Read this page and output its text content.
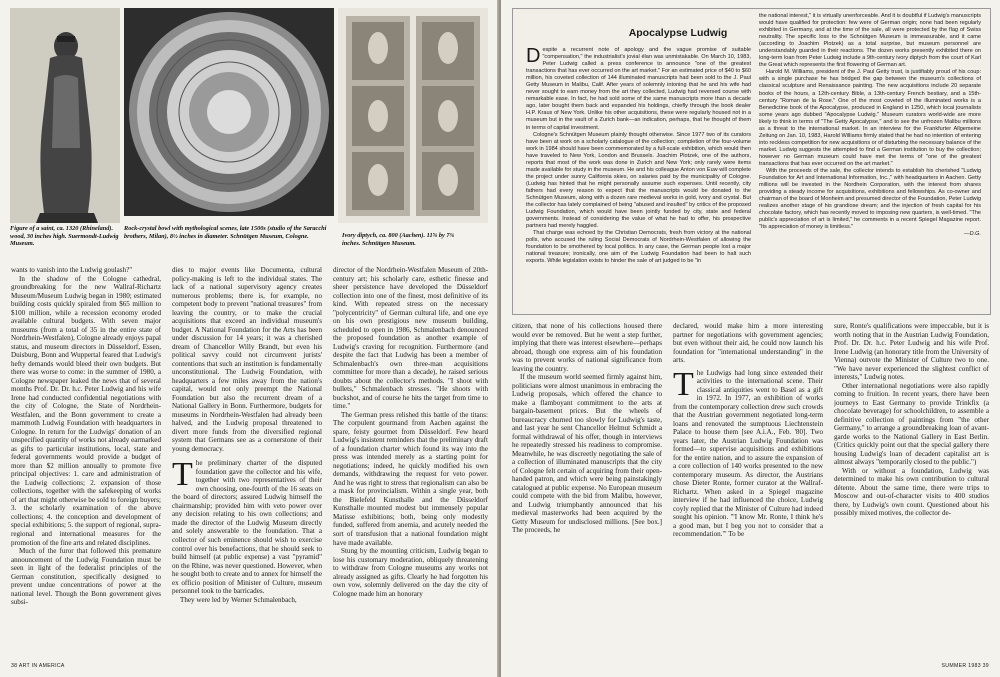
Figure of a saint, ca. 1320 (Rhineland). wood, 30 inches high. Suermondt-Ludwig Museum.
Rock-crystal bowl with mythological scenes, late 1500s (studio of the Saracchi brothers, Milan), 8½ inches in diameter. Schnütgen Museum, Cologne.	Ivory diptych, ca. 800 (Aachen). 11⅝ by 7⅜ inches. Schnütgen Museum.

wants to vanish into the Ludwig goulash?"

In the shadow of the Cologne cathedral, groundbreaking for the new Wallraf-Richartz Museum/Museum Ludwig began in 1980; estimated building costs quickly spiraled from $65 million to $100 million, while a recession economy eroded available cultural budgets. With seven major museums (from a total of 35 in the entire state of Nordrhein-Westfalen), Cologne already enjoys papal status, and museum directors in Düsseldorf, Essen, Duisburg, Bonn and Wuppertal feared that Ludwig's hefty demands would bleed their own budgets. But there was worse to come: in the summer of 1980, a Cologne newspaper leaked the news that of several months Prof. Dr. Dr. h.c. Peter Ludwig and his wife Irene had conducted confidential negotiations with the city of Cologne, the State of Nordrhein-Westfalen, and the Bonn government to create a mammoth Ludwig Foundation with headquarters in Cologne. In return for the Ludwigs' donation of an unspecified quantity of works not already earmarked as gifts to particular institutions, local, state and federal governments would provide a budget of more than $2 million annually to promote five principal objectives: 1. care and administration of the Ludwig collections; 2. expansion of those collections, together with the safekeeping of works of art that might otherwise be sold to foreign buyers; 3. the scholarly examination of the above collections; 4. the conception and development of special exhibitions; 5. the support of regional, supra-regional and international measures for the promotion of the fine arts and related disciplines.

Much of the furor that followed this premature announcement of the Ludwig Foundation must be seen in light of the federalist principles of the German constitution, specifically designed to prevent undue concentrations of power at the national level. Though the Bonn government gives subsi-

dies to major events like Documenta, cultural policy-making is left to the individual states. The lack of a national supervisory agency creates numerous problems; there is, for example, no competent body to prevent "national treasures" from leaving the country, or to make the crucial acquisitions that exceed an individual museum's budget. A National Foundation for the Arts has been under discussion for 14 years; it was a cherished dream of Chancellor Willy Brandt, but even his political savvy could not circumvent jurists' contentions that such an institution is fundamentally unconstitutional. The Ludwig Foundation, with headquarters a few miles away from the nation's capital, would not only preempt the National Foundation but also the recurrent dream of a National Gallery in Bonn. Furthermore, budgets for museums in Nordrhein-Westfalen had already been halved, and the Ludwig proposal threatened to divert more funds from the diversified regional system that Germans see as a cornerstone of their young democracy.

The preliminary charter of the disputed foundation gave the collector and his wife, together with two representatives of their own choosing, one-fourth of the 16 seats on the board of directors; assured Ludwig himself the chairmanship; provided him with veto power over any decision relating to his own collections; and made the director of the Ludwig Museum directly and solely answerable to the foundation. That a collector of such eminence should wish to exercise control over his benefactions, that he should seek to build himself (at public expense) a vast "pyramid" on the Rhine, was never questioned. However, when he sought both to create and to annex for himself the ex officio position of Minister of Culture, museum personnel took to the barricades.

They were led by Werner Schmalenbach,

director of the Nordrhein-Westfalen Museum of 20th-century art; his scholarly care, esthetic finesse and sheer persistence have developed the Düsseldorf collection into one of the finest, most definitive of its kind. With repeated stress on the necessary "polycentricity" of German cultural life, and one eye on his own prestigious new museum building, scheduled to open in 1986, Schmalenbach denounced the proposed foundation as another example of Ludwig's craving for recognition. Furthermore (and despite the fact that Ludwig has been a member of Schmalenbach's own three-man acquisitions committee for more than a decade), he raised serious doubts about the collector's methods. "I shoot with bullets," Schmalenbach stresses. "He shoots with buckshot, and of course he hits the target from time to time."

The German press relished this battle of the titans: The corpulent gourmand from Aachen against the spare, feisty gourmet from Düsseldorf. Few heard Ludwig's insistent reminders that the preliminary draft of a foundation charter which found its way into the press was intended merely as a starting point for negotiations; indeed, he quickly modified his own demands, withdrawing the request for veto power. And he was right to stress that regionalism can also be a mask for provincialism. Within a single year, both the Bielefeld Kunsthalle and the Düsseldorf Kunsthalle mounted modest but immensely popular Matisse exhibitions; both, being only modestly funded, suffered from anemia, and acutely needed the sort of transfusion that a national foundation might have made available.

Stung by the mounting criticism, Ludwig began to lose his customary moderation, obliquely threatening to withdraw from Cologne museums any works not already assigned as gifts. Clearly he had forgotten his own vow, solemnly delivered on the day the city of Cologne made him an honorary

38 ART IN AMERICA
Apocalypse Ludwig

Despite a recurrent note of apology and the vague promise of suitable "compensation," the industrialist's jovial élan was unmistakable. On March 10, 1983, Peter Ludwig called a press conference to announce "one of the greatest transactions that has ever occurred on the art market." For an estimated price of $40 to $60 million, his coveted collection of 144 illuminated manuscripts had been sold to the J. Paul Getty Museum in Malibu, Calif. After years of solemnly intoning that he and his wife had never sought to earn money from the art they collected, Ludwig had reversed course with remarkable ease. In fact, he had sold some of the same manuscripts more than a decade ago, later bought them back and expanded his holdings, chiefly through the book dealer H.P. Kraus of New York. Unlike his other acquisitions, these were regularly housed not in a museum but in the vault of a Zurich bank—an indication, perhaps, that he thought of them in terms of capital investment.

Cologne's Schnütgen Museum plainly thought otherwise. Since 1977 two of its curators have been at work on a scholarly catalogue of the collection; completion of the four-volume work in 1984 should have been commemorated by a full-scale exhibition, which would then have traveled to New York, London and Brussels. Joachim Plotzek, one of the authors, reports that most of the work was done in Zurich and New York; only rarely were items made available for study in the museum. He and his colleague Anton von Euw will complete the project under sunny California skies, on salaries paid by the municipality of Cologne. (Ludwig has hinted that he might personally assume such expenses. Until recently, city fathers had every reason to expect that the manuscripts would be donated to the Schnütgen Museum, along with a dozen rare medieval works in gold, ivory and crystal. But the collector has lately complained of being "abused and insulted" by critics of the proposed Ludwig Foundation, which would have been jointly funded by city, state and federal governments. Instead of considering the value of what he had to offer, his prospective partners had merely haggled.

That charge was echoed by the Christian Democrats, fresh from victory at the national polls, who accused the ruling Social Democrats of Nordrhein-Westfalen of allowing the foundation to be smothered by local politics. In any case, the German people lost a major national treasure; ironically, one aim of the Ludwig Foundation had been to halt such exports. While legislation exists to hinder the sale of art judged to be "in

the national interest," it is virtually unenforceable. And it is doubtful if Ludwig's manuscripts would have qualified for protection: few were of German origin; none had been regularly exhibited in Germany, and at the time of the sale, all were protected by the flag of Swiss neutrality. The specific loss to the Schnütgen Museum is immeasurable, and it came (according to Joachim Plotzek) as a total surprise, but museum personnel are understandably guarded in their reactions. The dozen works presently exhibited there on long-term loan from Peter Ludwig include a 9th-century ivory diptych from the court of Karl the Great which represents the first flowering of German art.

Harold M. Williams, president of the J. Paul Getty trust, is justifiably proud of his coup: with a single purchase he has bridged the gap between the museum's collections of classical sculpture and Renaissance painting. The new acquisitions include 20 separate books of the hours, a 12th-century Bible, a 13th-century French bestiary, and a 15th-century "Roman de la Rose." One of the most coveted of the illuminated works is a Benedictine book of the Apocalypse, produced in England in 1250, which local journalists some years ago dubbed "Apocalypse Ludwig." Museum curators world-wide are more likely to think in terms of "The Getty Apocalypse," and to see the unfrozen Malibu millions as a threat to the international market. In an interview for the Frankfurter Allgemeine Zeitung on Jan. 10, 1983, Harold Williams firmly stated that he had no intention of entering into reckless competition for new acquisitions or of disturbing the necessary balance of the market. Ludwig suggests the attempted to find a German institution to buy the collection; however no German museum could have met the terms of "one of the greatest transactions that has ever occurred on the art market."

With the proceeds of the sale, the collector intends to establish his cherished "Ludwig Foundation for Art and International Information, Inc.," with headquarters in Aachen. Getty millions will be invested in the Nordhein Corporation, with the interest from shares providing a steady income for acquisitions, exhibitions and fellowships. As co-owner and chairman of the board of Monheim and presumed director of the Foundation, Peter Ludwig realizes another stage of his grandiose dream; and the injection of fresh capital for his chocolate factory, which has recently moved to imposing new quarters, is well-timed. "The public's appreciation of art is limited," he comments in a recent Spiegel Magazine report. "Its appreciation of money is limitless."

—D.G.

citizen, that none of his collections housed there would ever be removed. But he went a step further, implying that there was interest elsewhere—perhaps abroad, though one express aim of his foundation was to prevent works of national significance from leaving the country.

If the museum world seemed firmly against him, politicians were almost unanimous in embracing the Ludwig proposals, which offered the chance to make a flamboyant commitment to the arts at bargain-basement prices. But the wheels of bureaucracy churned too slowly for Ludwig's taste, and last year he sent Chancellor Helmut Schmidt a formal withdrawal of his offer, though in interviews he repeatedly stressed his readiness to compromise. Meanwhile, he was discreetly negotiating the sale of a collection of illuminated manuscripts that the city of Cologne felt certain of acquiring from their open-handed patron, and which were being painstakingly catalogued at public expense. No European museum could compete with the bid from Malibu, however, and Ludwig triumphantly announced that his medieval masterworks had been acquired by the Getty Museum for undisclosed millions. [See box.] The proceeds, he

declared, would make him a more interesting partner for negotiations with government agencies; but even without their aid, he could now launch his foundation for "international understanding" in the arts.

The Ludwigs had long since extended their activities to the international scene. Their classical antiquities went to Basel as a gift in 1972. In 1977, an exhibition of works from the contemporary collection drew such crowds that the Austrian government negotiated long-term loans and renovated the sumptuous Liechtenstein Palace to house them [see A.i.A., Feb. '80]. Two years later, the Austrian Ludwig Foundation was formed—to supervise acquisitions and exhibitions for the entire nation, and to assure the expansion of a core collection of 140 works presented to the new contemporary museum. As director, the Austrians chose Dieter Ronte, former curator at the Wallraf-Richartz. When asked in a Spiegel magazine interview if he had influenced the choice, Ludwig coyly replied that the Minister of Culture had indeed sought his opinion. "'I know Mr. Ronte, I think he's a good man, but I beg you not to consider that a recommendation.'" To be

sure, Ronte's qualifications were impeccable, but it is worth noting that in the Austrian Ludwig Foundation, Prof. Dr. Dr. h.c. Peter Ludwig and his wife Prof. Irene Ludwig (an honorary title from the University of Vienna) outvote the Minister of Culture two to one. "We have never experienced the slightest conflict of interests," Ludwig notes.

Other international negotiations were also rapidly coming to fruition. In recent years, there have been journeys to East Germany to provide Trinkfix (a chocolate beverage) for schoolchildren, to assemble a definitive collection of paintings from "the other Germany," to arrange a groundbreaking loan of avant-garde works to the National Gallery in East Berlin. (Critics quickly point out that the special gallery there housing Ludwig's loan of decadent capitalist art is almost always "temporarily closed to the public.")

With or without a foundation, Ludwig was determined to make his own contribution to cultural détente. About the same time, there were trips to Moscow and out-of-character visits to 400 studios there, by Ludwig's own count. Questioned about his possibly mixed motives, the collector de-

SUMMER 1983 39
